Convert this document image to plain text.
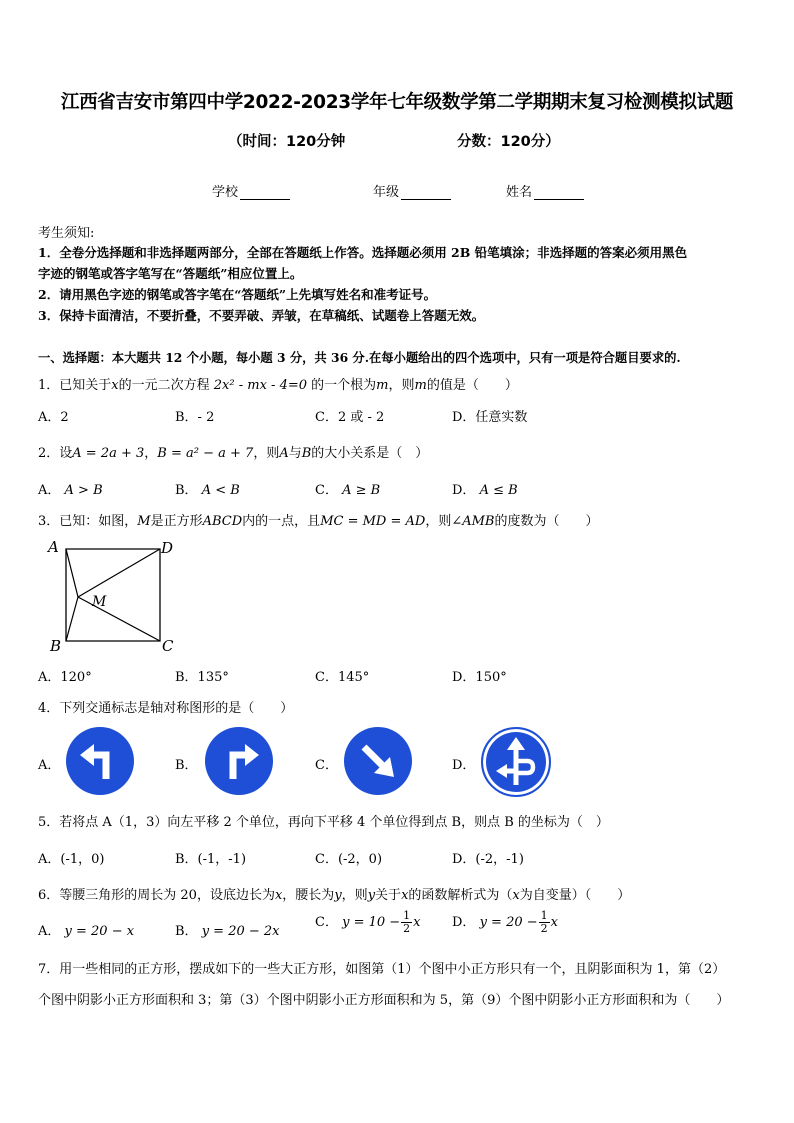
江西省吉安市第四中学2022-2023学年七年级数学第二学期期末复习检测模拟试题
（时间：120分钟	分数：120分）
学校	年级	姓名
考生须知:
1．全卷分选择题和非选择题两部分，全部在答题纸上作答。选择题必须用 2B 铅笔填涂；非选择题的答案必须用黑色
字迹的钢笔或答字笔写在“答题纸”相应位置上。
2．请用黑色字迹的钢笔或答字笔在“答题纸”上先填写姓名和准考证号。
3．保持卡面清洁，不要折叠，不要弄破、弄皱，在草稿纸、试题卷上答题无效。
一、选择题：本大题共 12 个小题，每小题 3 分，共 36 分.在每小题给出的四个选项中，只有一项是符合题目要求的.
1．已知关于x的一元二次方程 2x² - mx - 4=0 的一个根为m，则m的值是（　　）
A．2	B．- 2	C．2 或 - 2	D．任意实数
2．设A = 2a + 3，B = a² − a + 7，则A与B的大小关系是（　）
A． A > B	B． A < B	C． A ≥ B	D． A ≤ B
3．已知：如图，M是正方形ABCD内的一点，且MC = MD = AD，则∠AMB的度数为（　　）
A	D
M
B	C
A．120°	B．135°	C．145°	D．150°
4．下列交通标志是轴对称图形的是（　　）
A．	B．	C．	D．
5．若将点 A（1，3）向左平移 2 个单位，再向下平移 4 个单位得到点 B，则点 B 的坐标为（　）
A．(-1，0)	B．(-1，-1)	C．(-2，0)	D．(-2，-1)
6．等腰三角形的周长为 20，设底边长为x，腰长为y，则y关于x的函数解析式为（x为自变量）（　　）
A． y = 20 − x	B． y = 20 − 2x
C． $y = 10 - \frac{1}{2}$ x D． $y = 20 - \frac{1}{2}$ x
7．用一些相同的正方形，摆成如下的一些大正方形，如图第（1）个图中小正方形只有一个，且阴影面积为 1，第（2）
个图中阴影小正方形面积和 3；第（3）个图中阴影小正方形面积和为 5，第（9）个图中阴影小正方形面积和为（　　）
